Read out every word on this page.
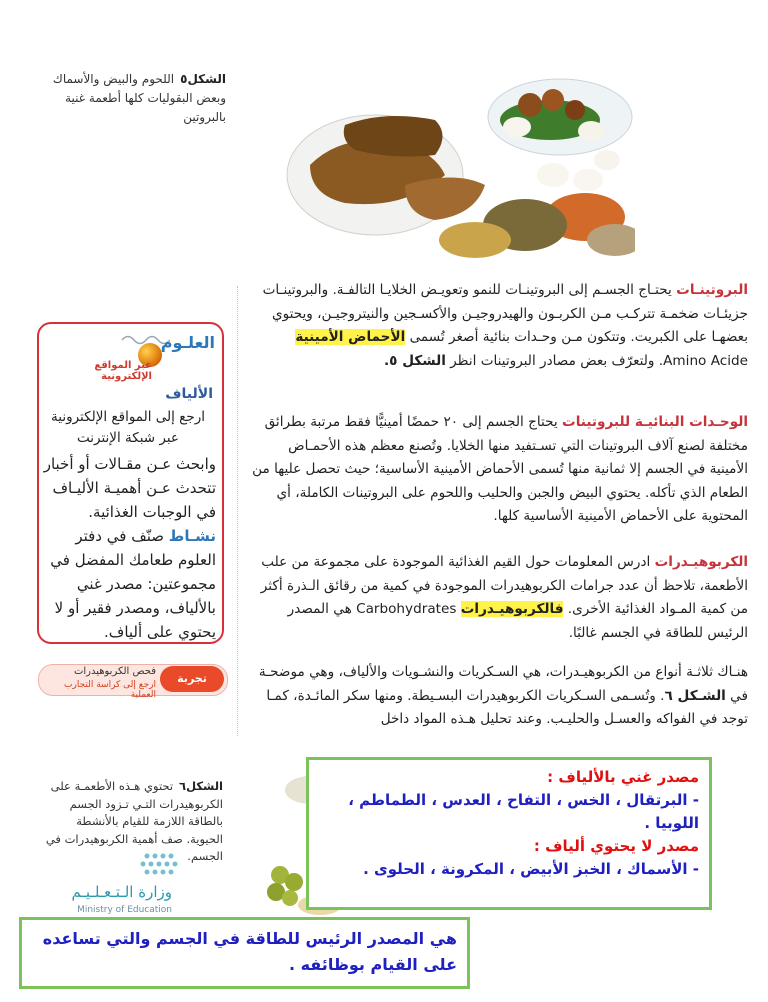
الشكل٥اللحوم والبيض والأسماك وبعض البقوليات كلها أطعمة غنية بالبروتين
العلـوم
عبر المواقع الإلكترونية
الألياف
ارجع إلى المواقع الإلكترونية عبر شبكة الإنترنت
وابحث عـن مقـالات أو أخبار تتحدث عـن أهميـة الأليـاف في الوجبات الغذائية.
نشـاط صنّف في دفتر العلوم طعامك المفضل في مجموعتين: مصدر غني بالألياف، ومصدر فقير أو لا يحتوي على ألياف.
تجربة عملية
فحص الكربوهيدرات
ارجع إلى كراسة التجارب العملية
البروتينـات يحتـاج الجسـم إلى البروتينـات للنمو وتعويـض الخلايـا التالفـة. والبروتينـات جزيئـات ضخمـة تتركـب مـن الكربـون والهيدروجيـن والأكسـجين والنيتروجيـن، ويحتوي بعضهـا على الكبريت. وتتكون مـن وحـدات بنائية أصغر تُسمى الأحماض الأمينية Amino Acide. ولتعرّف بعض مصادر البروتينات انظر الشكل ٥.
الوحـدات البنائيـة للبروتينات يحتاج الجسم إلى ٢٠ حمضًا أمينيًّا فقط مرتبة بطرائق مختلفة لصنع آلاف البروتينات التي تسـتفيد منها الخلايا. وتُصنع معظم هذه الأحمـاض الأمينية في الجسم إلا ثمانية منها تُسمى الأحماض الأمينية الأساسية؛ حيث تحصل عليها من الطعام الذي تأكله. يحتوي البيض والجبن والحليب واللحوم على البروتينات الكاملة، أي المحتوية على الأحماض الأمينية الأساسية كلها.
الكربوهيـدرات ادرس المعلومات حول القيم الغذائية الموجودة على مجموعة من علب الأطعمة، تلاحظ أن عدد جرامات الكربوهيدرات الموجودة في كمية من رقائق الـذرة أكثر من كمية المـواد الغذائية الأخرى. فالكربوهيـدرات Carbohydrates هي المصدر الرئيس للطاقة في الجسم غالبًا.
هنـاك ثلاثـة أنواع من الكربوهيـدرات، هي السـكريات والنشـويات والألياف، وهي موضحـة في الشـكل ٦. وتُسـمى السـكريات الكربوهيدرات البسـيطة. ومنها سكر المائـدة، كمـا توجد في الفواكه والعسـل والحليـب. وعند تحليل هـذه المواد داخل
الشكل٦تحتوي هـذه الأطعمـة على الكربوهيدرات التـي تـزود الجسم بالطاقة اللازمة للقيام بالأنشطة الحيوية. صف أهمية الكربوهيدرات في الجسم.
وزارة الـتـعـلـيـم
Ministry of Education
مصدر غني بالألياف :
- البرتقال ، الخس ، التفاح ، العدس ، الطماطم ،
اللوبيا .
مصدر لا يحتوي ألياف :
- الأسماك ، الخبز الأبيض ، المكرونة ، الحلوى .

هي المصدر الرئيس للطاقة في الجسم والتي تساعده على القيام بوظائفه .
